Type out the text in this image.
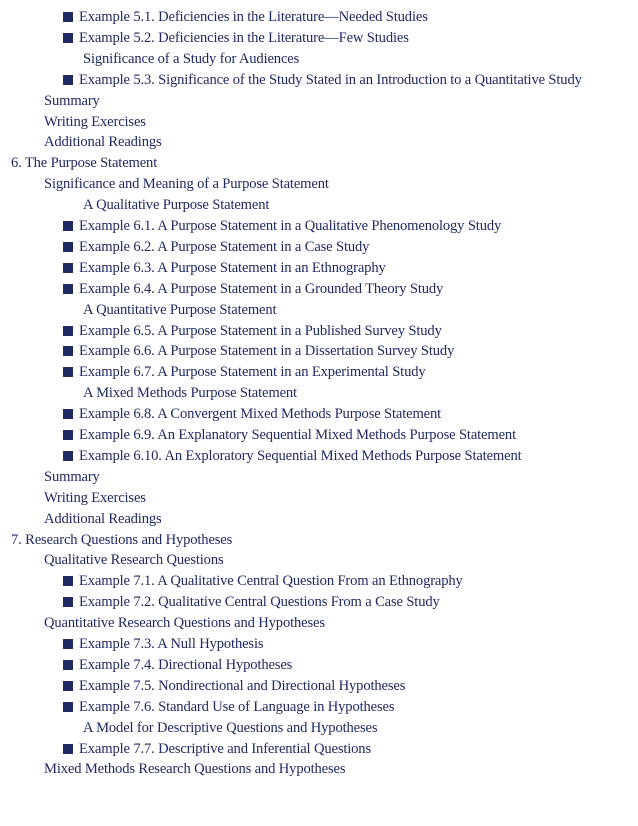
Example 5.1. Deficiencies in the Literature—Needed Studies
Example 5.2. Deficiencies in the Literature—Few Studies
Significance of a Study for Audiences
Example 5.3. Significance of the Study Stated in an Introduction to a Quantitative Study
Summary
Writing Exercises
Additional Readings
6. The Purpose Statement
Significance and Meaning of a Purpose Statement
A Qualitative Purpose Statement
Example 6.1. A Purpose Statement in a Qualitative Phenomenology Study
Example 6.2. A Purpose Statement in a Case Study
Example 6.3. A Purpose Statement in an Ethnography
Example 6.4. A Purpose Statement in a Grounded Theory Study
A Quantitative Purpose Statement
Example 6.5. A Purpose Statement in a Published Survey Study
Example 6.6. A Purpose Statement in a Dissertation Survey Study
Example 6.7. A Purpose Statement in an Experimental Study
A Mixed Methods Purpose Statement
Example 6.8. A Convergent Mixed Methods Purpose Statement
Example 6.9. An Explanatory Sequential Mixed Methods Purpose Statement
Example 6.10. An Exploratory Sequential Mixed Methods Purpose Statement
Summary
Writing Exercises
Additional Readings
7. Research Questions and Hypotheses
Qualitative Research Questions
Example 7.1. A Qualitative Central Question From an Ethnography
Example 7.2. Qualitative Central Questions From a Case Study
Quantitative Research Questions and Hypotheses
Example 7.3. A Null Hypothesis
Example 7.4. Directional Hypotheses
Example 7.5. Nondirectional and Directional Hypotheses
Example 7.6. Standard Use of Language in Hypotheses
A Model for Descriptive Questions and Hypotheses
Example 7.7. Descriptive and Inferential Questions
Mixed Methods Research Questions and Hypotheses
